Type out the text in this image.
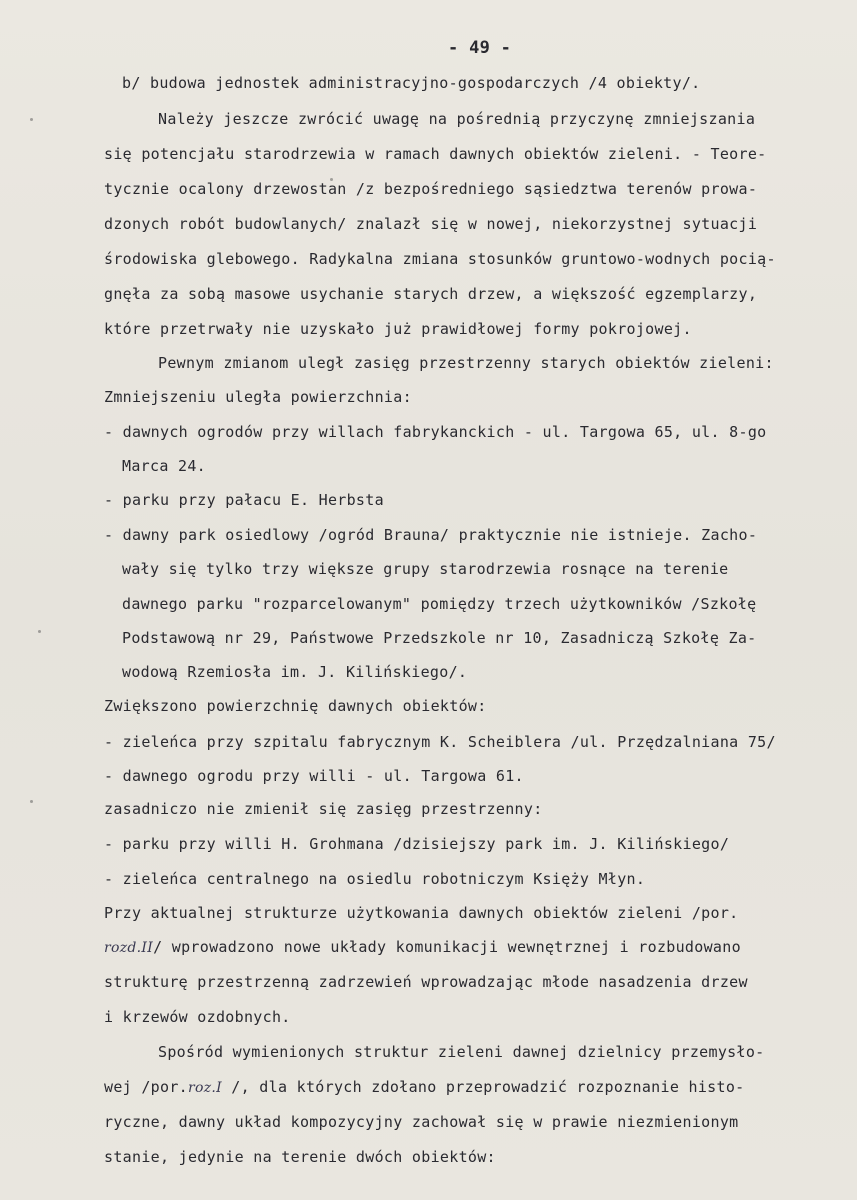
- 49 -
b/ budowa jednostek administracyjno-gospodarczych /4 obiekty/.
Należy jeszcze zwrócić uwagę na pośrednią przyczynę zmniejszania
się potencjału starodrzewia w ramach dawnych obiektów zieleni. - Teore-
tycznie ocalony drzewostan /z bezpośredniego sąsiedztwa terenów prowa-
dzonych robót budowlanych/ znalazł się w nowej, niekorzystnej sytuacji
środowiska glebowego. Radykalna zmiana stosunków gruntowo-wodnych pocią-
gnęła za sobą masowe usychanie starych drzew, a większość egzemplarzy,
które przetrwały nie uzyskało już prawidłowej formy pokrojowej.
Pewnym zmianom uległ zasięg przestrzenny starych obiektów zieleni:
Zmniejszeniu uległa powierzchnia:
- dawnych ogrodów przy willach fabrykanckich - ul. Targowa 65, ul. 8-go
Marca 24.
- parku przy pałacu E. Herbsta
- dawny park osiedlowy /ogród Brauna/ praktycznie nie istnieje. Zacho-
wały się tylko trzy większe grupy starodrzewia rosnące na terenie
dawnego parku "rozparcelowanym" pomiędzy trzech użytkowników /Szkołę
Podstawową nr 29, Państwowe Przedszkole nr 10, Zasadniczą Szkołę Za-
wodową Rzemiosła im. J. Kilińskiego/.
Zwiększono powierzchnię dawnych obiektów:
- zieleńca przy szpitalu fabrycznym K. Scheiblera /ul. Przędzalniana 75/
- dawnego ogrodu przy willi - ul. Targowa 61.
zasadniczo nie zmienił się zasięg przestrzenny:
- parku przy willi H. Grohmana /dzisiejszy park im. J. Kilińskiego/
- zieleńca centralnego na osiedlu robotniczym Księży Młyn.
Przy aktualnej strukturze użytkowania dawnych obiektów zieleni /por.
rozd.II/ wprowadzono nowe układy komunikacji wewnętrznej i rozbudowano
strukturę przestrzenną zadrzewień wprowadzając młode nasadzenia drzew
i krzewów ozdobnych.
Spośród wymienionych struktur zieleni dawnej dzielnicy przemysło-
wej /por.roz.I /, dla których zdołano przeprowadzić rozpoznanie histo-
ryczne, dawny układ kompozycyjny zachował się w prawie niezmienionym
stanie, jedynie na terenie dwóch obiektów:
